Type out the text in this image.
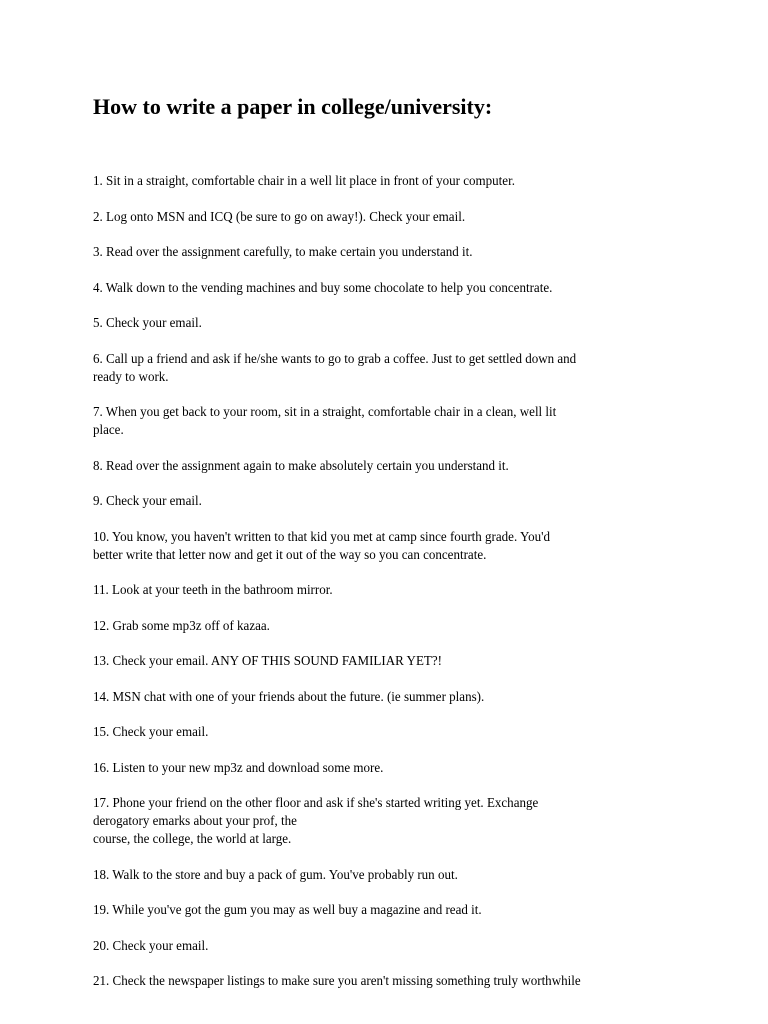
How to write a paper in college/university:
1. Sit in a straight, comfortable chair in a well lit place in front of your computer.
2. Log onto MSN and ICQ (be sure to go on away!). Check your email.
3. Read over the assignment carefully, to make certain you understand it.
4. Walk down to the vending machines and buy some chocolate to help you concentrate.
5. Check your email.
6. Call up a friend and ask if he/she wants to go to grab a coffee. Just to get settled down and
ready to work.
7. When you get back to your room, sit in a straight, comfortable chair in a clean, well lit
place.
8. Read over the assignment again to make absolutely certain you understand it.
9. Check your email.
10. You know, you haven't written to that kid you met at camp since fourth grade. You'd
better write that letter now and get it out of the way so you can concentrate.
11. Look at your teeth in the bathroom mirror.
12. Grab some mp3z off of kazaa.
13. Check your email. ANY OF THIS SOUND FAMILIAR YET?!
14. MSN chat with one of your friends about the future. (ie summer plans).
15. Check your email.
16. Listen to your new mp3z and download some more.
17. Phone your friend on the other floor and ask if she's started writing yet. Exchange
derogatory emarks about your prof, the
course, the college, the world at large.
18. Walk to the store and buy a pack of gum. You've probably run out.
19. While you've got the gum you may as well buy a magazine and read it.
20. Check your email.
21. Check the newspaper listings to make sure you aren't missing something truly worthwhile
